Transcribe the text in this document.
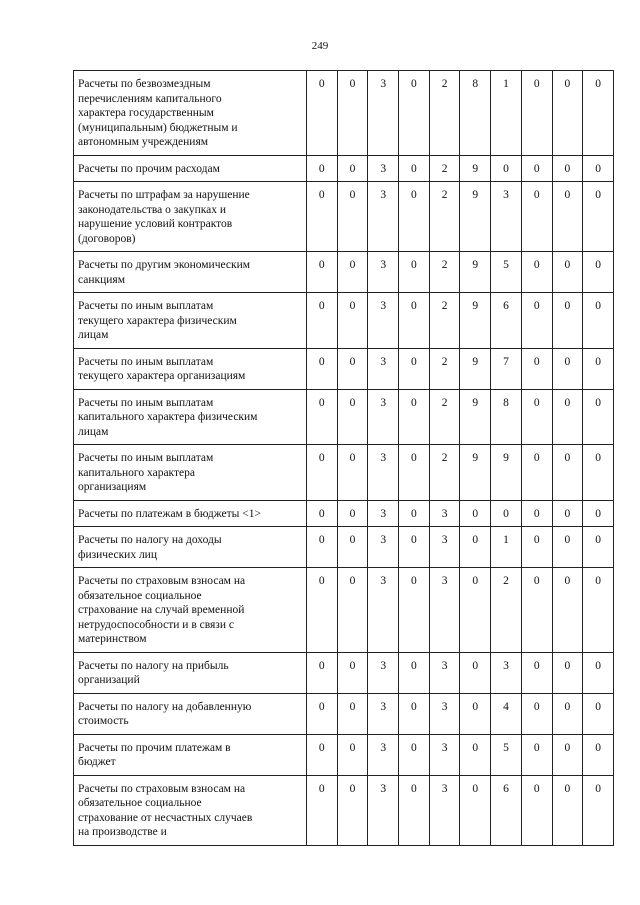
249
Расчеты по безвозмездным
перечислениям капитального
характера государственным
(муниципальным) бюджетным и
автономным учреждениям	0	0	3	0	2	8	1	0	0	0

Расчеты по прочим расходам	0	0	3	0	2	9	0	0	0	0

Расчеты по штрафам за нарушение
законодательства о закупках и
нарушение условий контрактов
(договоров)	0	0	3	0	2	9	3	0	0	0

Расчеты по другим экономическим
санкциям	0	0	3	0	2	9	5	0	0	0

Расчеты по иным выплатам
текущего характера физическим
лицам	0	0	3	0	2	9	6	0	0	0

Расчеты по иным выплатам
текущего характера организациям	0	0	3	0	2	9	7	0	0	0

Расчеты по иным выплатам
капитального характера физическим
лицам	0	0	3	0	2	9	8	0	0	0

Расчеты по иным выплатам
капитального характера
организациям	0	0	3	0	2	9	9	0	0	0

Расчеты по платежам в бюджеты <1>	0	0	3	0	3	0	0	0	0	0

Расчеты по налогу на доходы
физических лиц	0	0	3	0	3	0	1	0	0	0

Расчеты по страховым взносам на
обязательное социальное
страхование на случай временной
нетрудоспособности и в связи с
материнством	0	0	3	0	3	0	2	0	0	0

Расчеты по налогу на прибыль
организаций	0	0	3	0	3	0	3	0	0	0

Расчеты по налогу на добавленную
стоимость	0	0	3	0	3	0	4	0	0	0

Расчеты по прочим платежам в
бюджет	0	0	3	0	3	0	5	0	0	0

Расчеты по страховым взносам на
обязательное социальное
страхование от несчастных случаев
на производстве и	0	0	3	0	3	0	6	0	0	0
